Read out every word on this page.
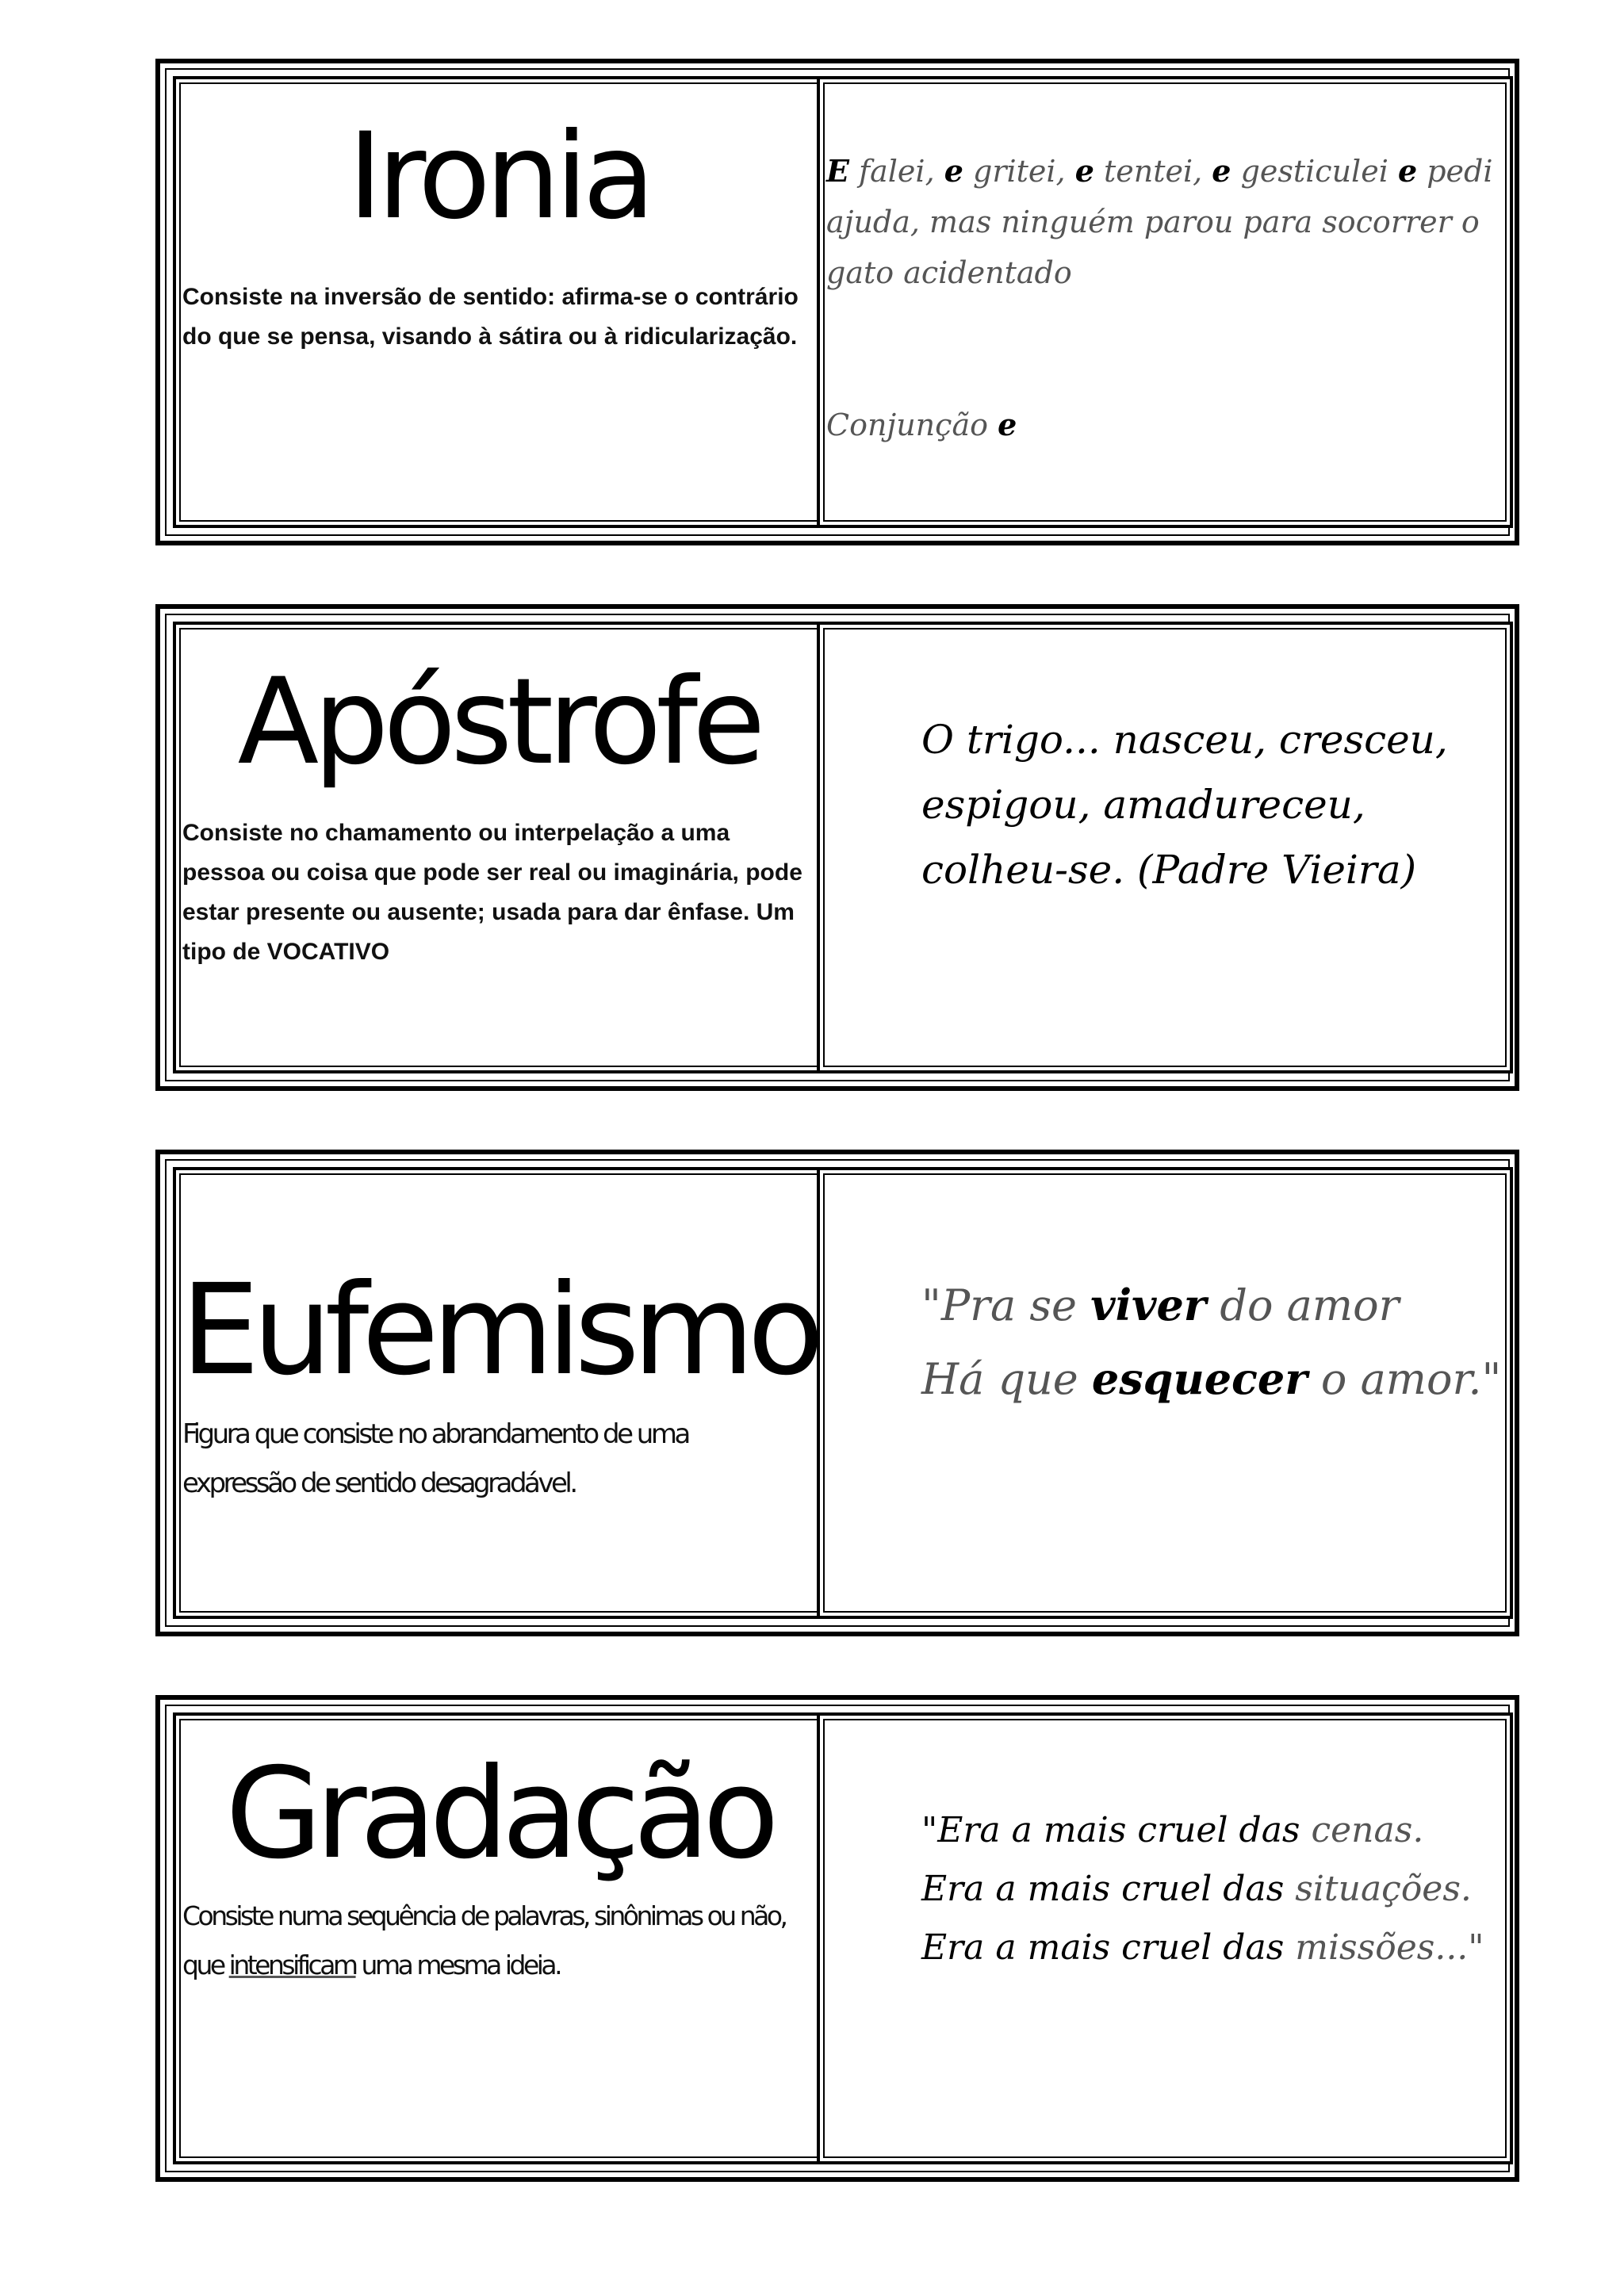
Ironia
Consiste na inversão de sentido: afirma-se o contrário do que se pensa, visando à sátira ou à ridicularização.
E falei, e gritei, e tentei, e gesticulei e pedi
ajuda, mas ninguém parou para socorrer o
gato acidentado
Conjunção e
Apóstrofe
Consiste no chamamento ou interpelação a uma pessoa ou coisa que pode ser real ou imaginária, pode estar presente ou ausente; usada para dar ênfase. Um tipo de VOCATIVO
O trigo... nasceu, cresceu,
espigou, amadureceu,
colheu-se. (Padre Vieira)
Eufemismo
Figura que consiste no abrandamento de uma expressão de sentido desagradável.
"Pra se viver do amor
Há que esquecer o amor."
Gradação
Consiste numa sequência de palavras, sinônimas ou não, que intensificam uma mesma ideia.
"Era a mais cruel das cenas.
Era a mais cruel das situações.
Era a mais cruel das missões..."
